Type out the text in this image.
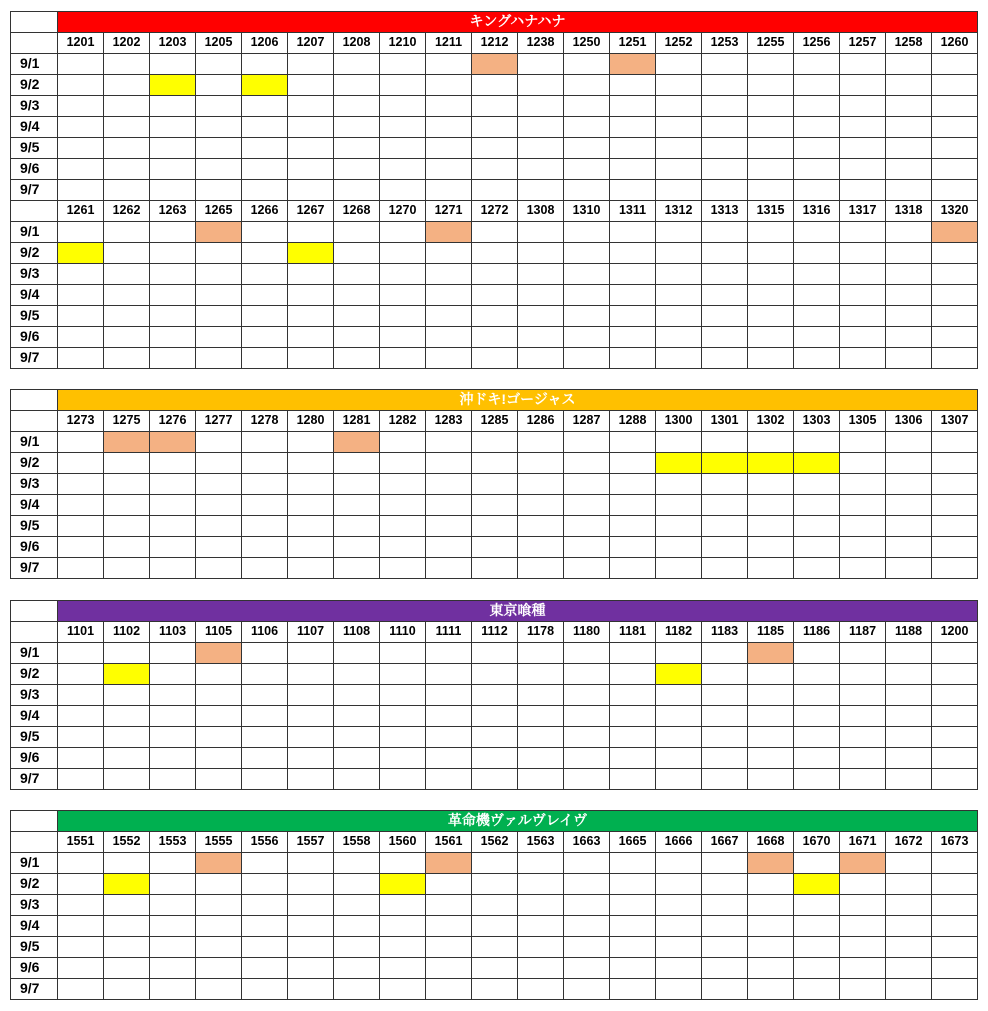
キングハナハナ
1201	1202	1203	1205	1206	1207	1208	1210	1211	1212	1238	1250	1251	1252	1253	1255	1256	1257	1258	1260
9/1
9/2
9/3
9/4
9/5
9/6
9/7
1261	1262	1263	1265	1266	1267	1268	1270	1271	1272	1308	1310	1311	1312	1313	1315	1316	1317	1318	1320
9/1
9/2
9/3
9/4
9/5
9/6
9/7
沖ドキ!ゴージャス
1273	1275	1276	1277	1278	1280	1281	1282	1283	1285	1286	1287	1288	1300	1301	1302	1303	1305	1306	1307
9/1
9/2
9/3
9/4
9/5
9/6
9/7
東京喰種
1101	1102	1103	1105	1106	1107	1108	1110	1111	1112	1178	1180	1181	1182	1183	1185	1186	1187	1188	1200
9/1
9/2
9/3
9/4
9/5
9/6
9/7
革命機ヴァルヴレイヴ
1551	1552	1553	1555	1556	1557	1558	1560	1561	1562	1563	1663	1665	1666	1667	1668	1670	1671	1672	1673
9/1
9/2
9/3
9/4
9/5
9/6
9/7
